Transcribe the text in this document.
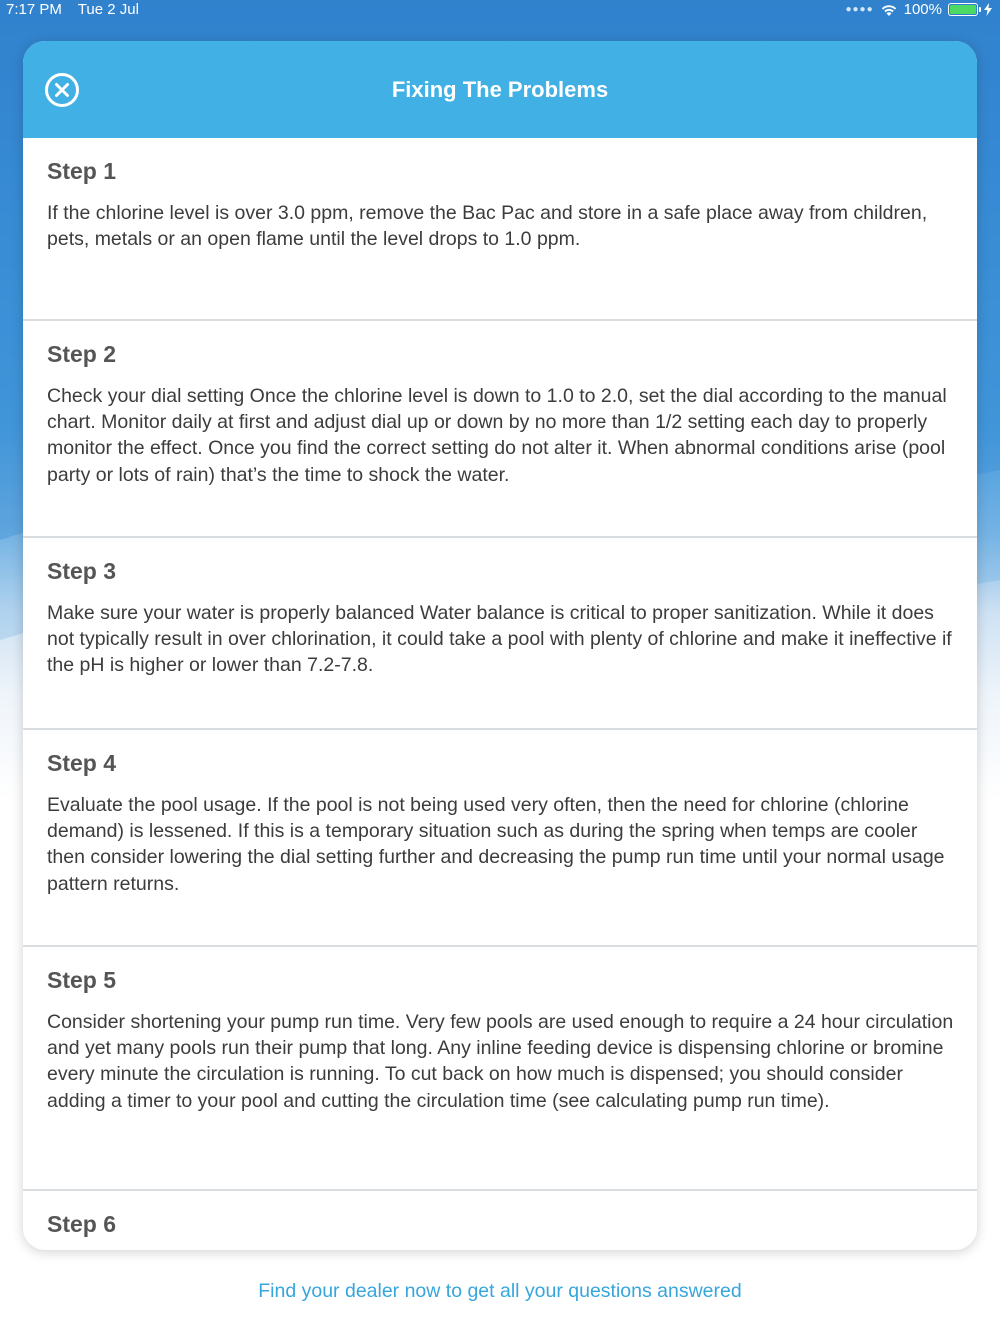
7:17 PM Tue 2 Jul	●●●● 100%
Fixing The Problems
Step 1

If the chlorine level is over 3.0 ppm, remove the Bac Pac and store in a safe place away from children, pets, metals or an open flame until the level drops to 1.0 ppm.

Step 2

Check your dial setting Once the chlorine level is down to 1.0 to 2.0, set the dial according to the manual chart. Monitor daily at first and adjust dial up or down by no more than 1/2 setting each day to properly monitor the effect. Once you find the correct setting do not alter it. When abnormal conditions arise (pool party or lots of rain) that’s the time to shock the water.

Step 3

Make sure your water is properly balanced Water balance is critical to proper sanitization. While it does not typically result in over chlorination, it could take a pool with plenty of chlorine and make it ineffective if the pH is higher or lower than 7.2-7.8.

Step 4

Evaluate the pool usage. If the pool is not being used very often, then the need for chlorine (chlorine demand) is lessened. If this is a temporary situation such as during the spring when temps are cooler then consider lowering the dial setting further and decreasing the pump run time until your normal usage pattern returns.

Step 5

Consider shortening your pump run time. Very few pools are used enough to require a 24 hour circulation and yet many pools run their pump that long. Any inline feeding device is dispensing chlorine or bromine every minute the circulation is running. To cut back on how much is dispensed; you should consider adding a timer to your pool and cutting the circulation time (see calculating pump run time).

Step 6

Find your dealer now to get all your questions answered
